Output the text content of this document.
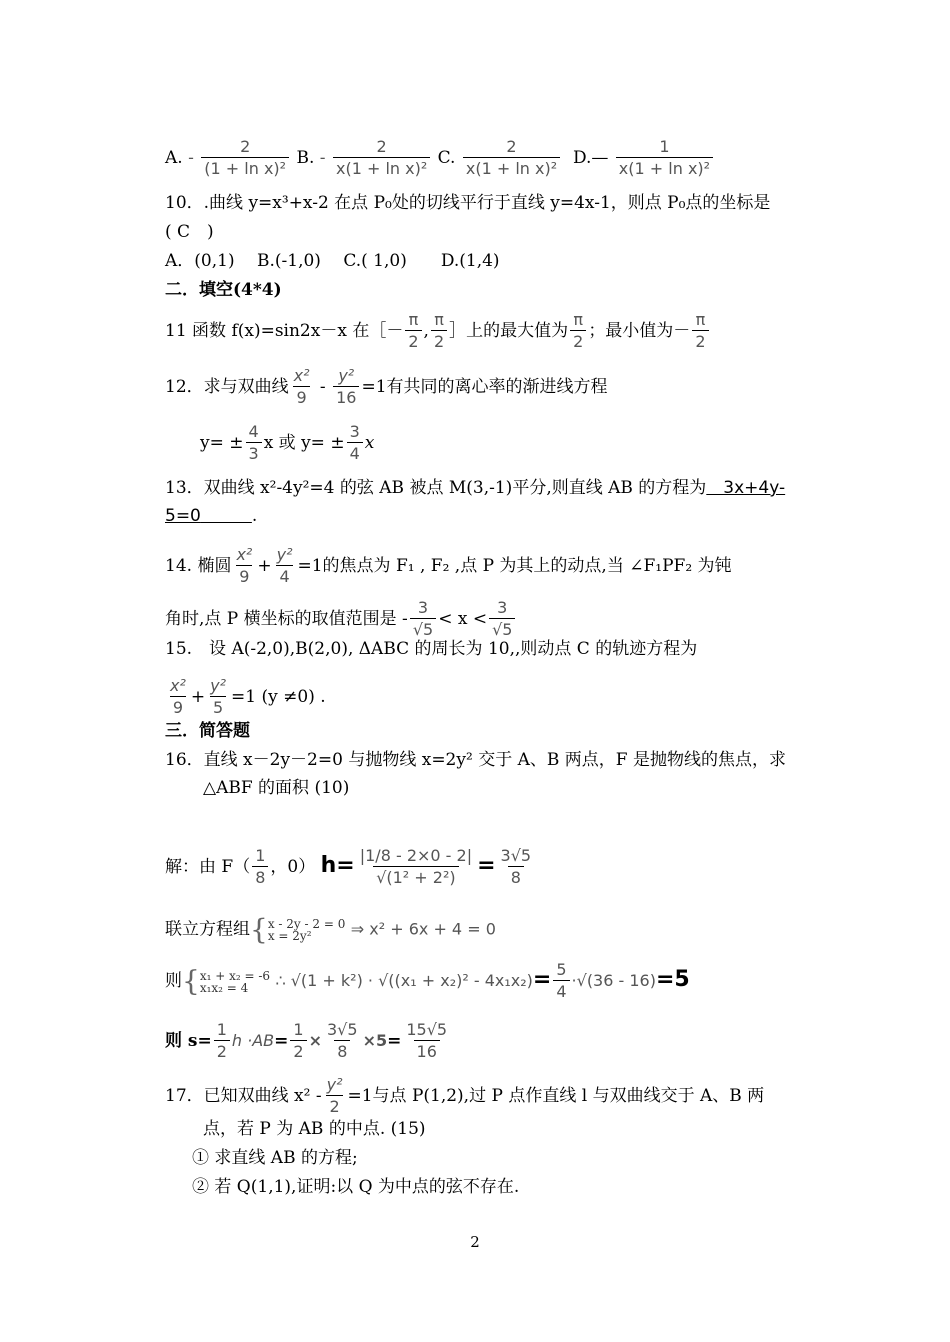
A. - $\frac{2}{\text{(1 + ln x)²}} B$. - $\frac{2}{\text{x(1 + ln x)²}} C$. $\frac{2}{\text{x(1 + ln x)²}}$ D.— $\frac{1}{\text{x(1 + ln x)²}}$
10．.曲线 y=x³+x-2 在点 P₀处的切线平行于直线 y=4x-1，则点 P₀点的坐标是
( C　)
A．(0,1)　 B.(-1,0)　 C.( 1,0)　　D.(1,4)
二．填空(4*4)
11 函数 f(x)=sin2x－x 在［－ $\frac{\pi}{2}$ , $\frac{\pi}{2}$ ］上的最大值为 $\frac{\pi}{2}$ ；最小值为－ $\frac{\pi}{2}$
12．求与双曲线 $\frac{\text{x²}}{9} - \frac{\text{y²}}{16} =1$有共同的离心率的渐进线方程
$y= \pm \frac{4}{3}$ x 或 $y= \pm \frac{3}{4}$ x
13．双曲线 x²-4y²=4 的弦 AB 被点 M(3,-1)平分,则直线 AB 的方程为　3x+4y-
5=0　　　	.
14. 椭圆 $\frac{\text{x²}}{9} + \frac{\text{y²}}{4} =1$的焦点为 F₁ , F₂ ,点 P 为其上的动点,当 ∠F₁PF₂ 为钝
角时,点 P 横坐标的取值范围是 - $\frac{3}{√5} < x < \frac{3}{√5}$
15.　设 A(-2,0),B(2,0), ΔABC 的周长为 10,,则动点 C 的轨迹方程为
$\frac{\text{x²}}{9} + \frac{\text{y²}}{5} =1$ (y ≠0) .
三．简答题
16．直线 x－2y－2=0 与抛物线 x=2y² 交于 A、B 两点，F 是抛物线的焦点，求
△ABF 的面积 (10)
解：由 $F( \frac{1}{8}$ ，0） $h= \frac{|1/8 - 2\times 0 - 2|}{\text{√(1² + 2²)}} = \frac{3√5}{8}$
联立方程组{ x - 2y - 2 = 0
x = 2y²	⇒ x² + 6x + 4 = 0
则{ x₁ + x₂ = -6
x₁x₂ = 4	∴ $√(1 + k^2) \cdot √((x_1 + x_2)^2 - 4x_1x_2)= \frac{5}{4} \cdot√(36 - 16)=5$
则 $s= \frac{1}{2}$ $h \cdot AB= \frac{1}{2} \times \frac{3√5}{8} \times 5= \frac{15√5}{16}$
17．已知双曲线 $x^2 - \frac{\text{y²}}{2} =1$与点 P(1,2),过 P 点作直线 l 与双曲线交于 A、B 两
点，若 P 为 AB 的中点. (15)
① 求直线 AB 的方程;
② 若 Q(1,1),证明:以 Q 为中点的弦不存在.
2
